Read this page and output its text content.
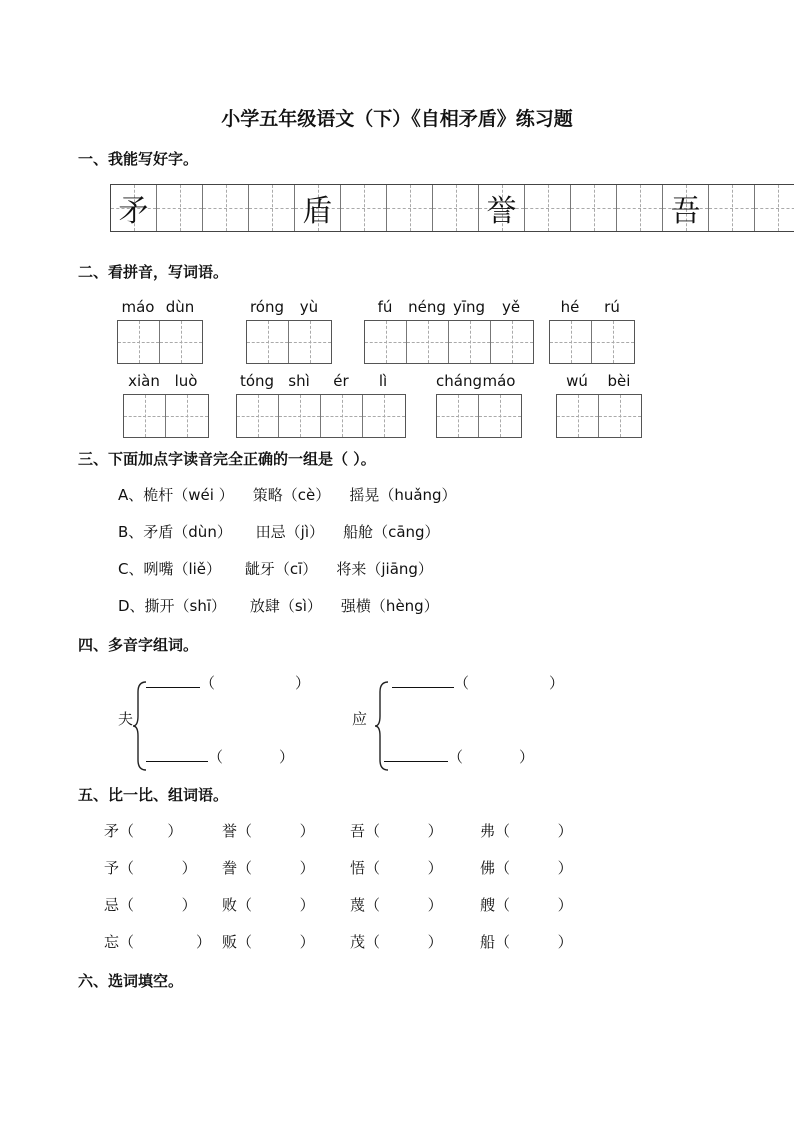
小学五年级语文（下）《自相矛盾》练习题
一、我能写好字。
矛	盾	誉	吾
二、看拼音，写词语。
máo dùn	róng	yù	fú	néng yīng	yě	hé	rú
xiàn luò	tóng shì	ér	lì	cháng máo	wú	bèi
三、下面加点字读音完全正确的一组是（ ）。
A、桅杆（wéi ）    策略（cè）    摇晃（huǎng）
B、矛盾（dùn）     田忌（jì）    船舱（cāng）
C、咧嘴（liě）     龇牙（cī）    将来（jiāng）
D、撕开（shī）     放肆（sì）    强横（hèng）
四、多音字组词。
夫
（	）
（	）
应
（	）
（	）
五、比一比、组词语。
矛（       ）	誉（          ） 吾（          ） 弗（          ）
予（          ） 誊（          ） 悟（          ） 佛（          ）
忌（          ） 败（          ） 蔑（          ） 艘（          ）
忘（             ） 贩（          ） 茂（          ） 船（          ）
六、选词填空。
